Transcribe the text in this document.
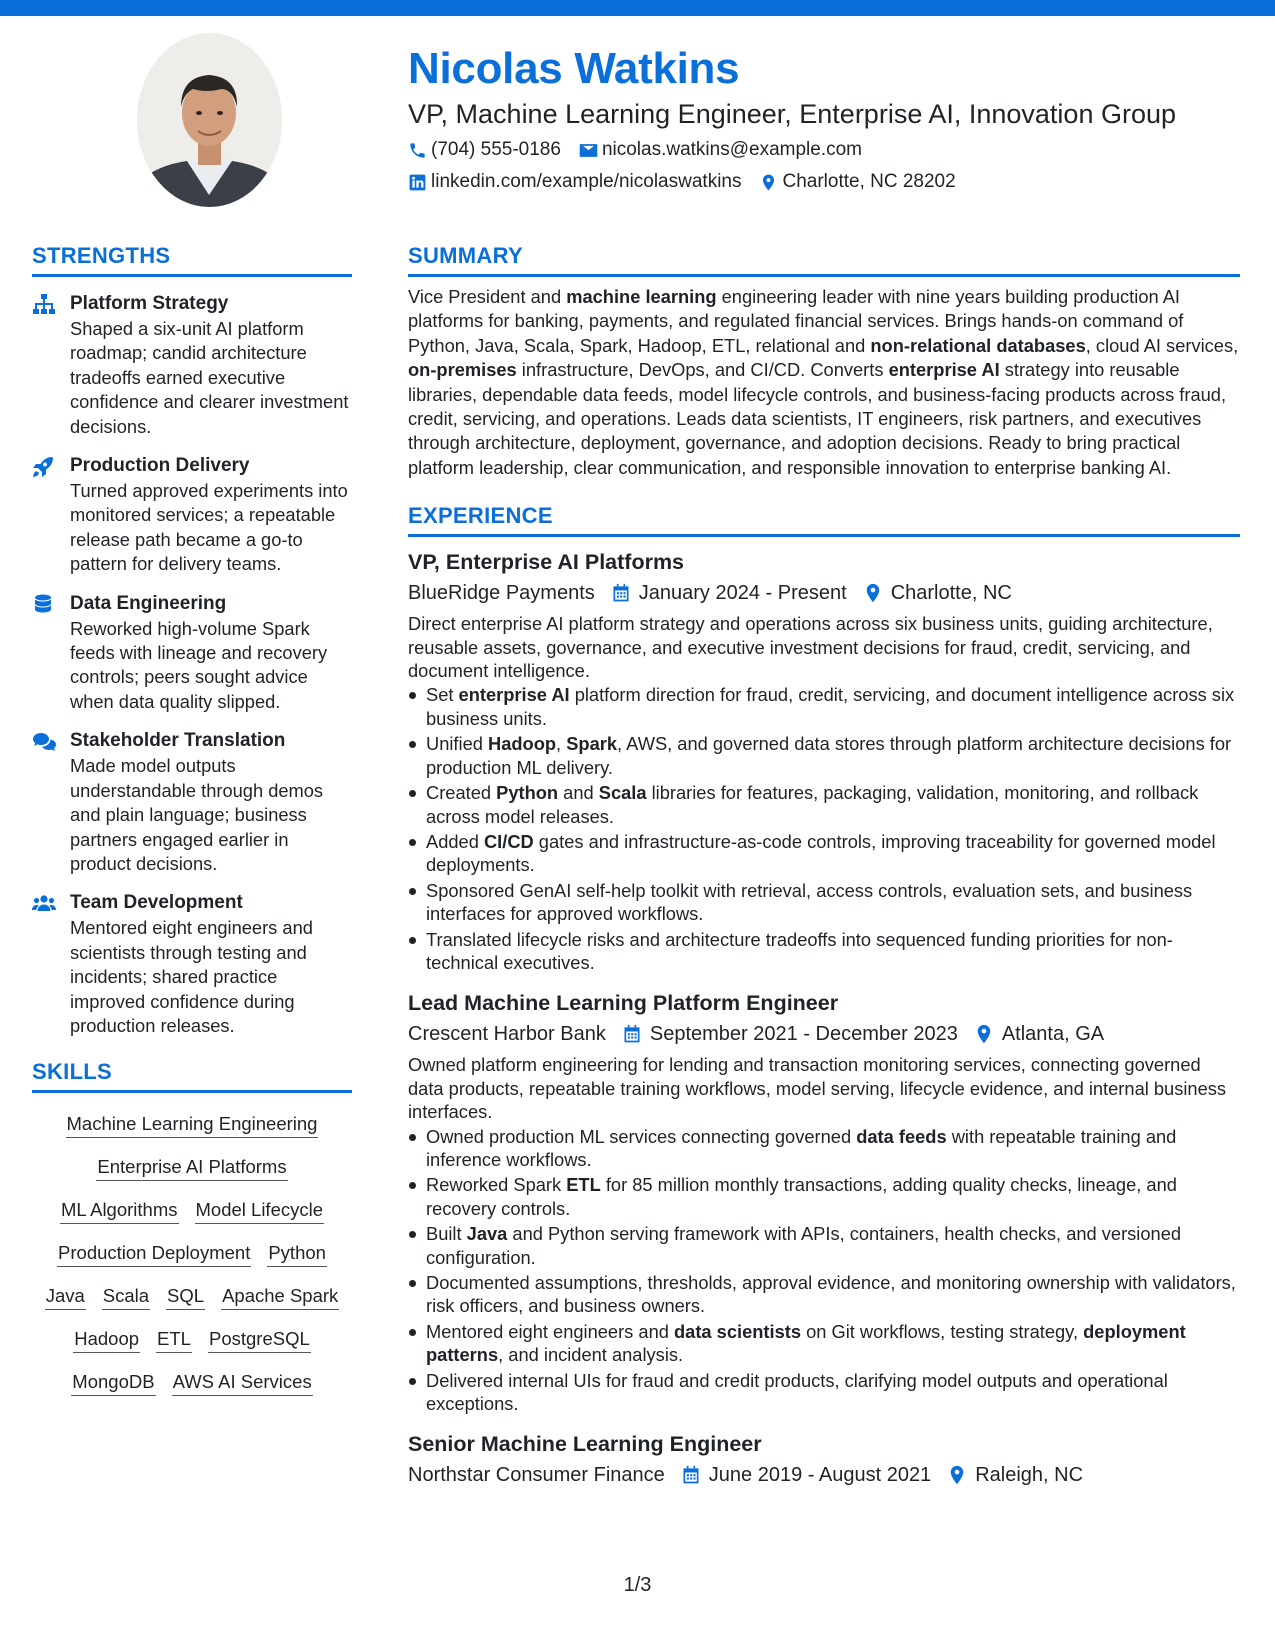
Nicolas Watkins
VP, Machine Learning Engineer, Enterprise AI, Innovation Group
(704) 555-0186 nicolas.watkins@example.com
linkedin.com/example/nicolaswatkins Charlotte, NC 28202
STRENGTHS
Platform Strategy
Shaped a six-unit AI platform roadmap; candid architecture tradeoffs earned executive confidence and clearer investment decisions.
Production Delivery
Turned approved experiments into monitored services; a repeatable release path became a go-to pattern for delivery teams.
Data Engineering
Reworked high-volume Spark feeds with lineage and recovery controls; peers sought advice when data quality slipped.
Stakeholder Translation
Made model outputs understandable through demos and plain language; business partners engaged earlier in product decisions.
Team Development
Mentored eight engineers and scientists through testing and incidents; shared practice improved confidence during production releases.
SKILLS
Machine Learning Engineering
Enterprise AI Platforms
ML Algorithms Model Lifecycle
Production Deployment Python
Java Scala SQL Apache Spark
Hadoop ETL PostgreSQL
MongoDB AWS AI Services
SUMMARY
Vice President and machine learning engineering leader with nine years building production AI platforms for banking, payments, and regulated financial services. Brings hands-on command of Python, Java, Scala, Spark, Hadoop, ETL, relational and non-relational databases, cloud AI services, on-premises infrastructure, DevOps, and CI/CD. Converts enterprise AI strategy into reusable libraries, dependable data feeds, model lifecycle controls, and business-facing products across fraud, credit, servicing, and operations. Leads data scientists, IT engineers, risk partners, and executives through architecture, deployment, governance, and adoption decisions. Ready to bring practical platform leadership, clear communication, and responsible innovation to enterprise banking AI.
EXPERIENCE
VP, Enterprise AI Platforms
BlueRidge Payments January 2024 - Present Charlotte, NC
Direct enterprise AI platform strategy and operations across six business units, guiding architecture, reusable assets, governance, and executive investment decisions for fraud, credit, servicing, and document intelligence.
Set enterprise AI platform direction for fraud, credit, servicing, and document intelligence across six business units.
Unified Hadoop, Spark, AWS, and governed data stores through platform architecture decisions for production ML delivery.
Created Python and Scala libraries for features, packaging, validation, monitoring, and rollback across model releases.
Added CI/CD gates and infrastructure-as-code controls, improving traceability for governed model deployments.
Sponsored GenAI self-help toolkit with retrieval, access controls, evaluation sets, and business interfaces for approved workflows.
Translated lifecycle risks and architecture tradeoffs into sequenced funding priorities for non-technical executives.
Lead Machine Learning Platform Engineer
Crescent Harbor Bank September 2021 - December 2023 Atlanta, GA
Owned platform engineering for lending and transaction monitoring services, connecting governed data products, repeatable training workflows, model serving, lifecycle evidence, and internal business interfaces.
Owned production ML services connecting governed data feeds with repeatable training and inference workflows.
Reworked Spark ETL for 85 million monthly transactions, adding quality checks, lineage, and recovery controls.
Built Java and Python serving framework with APIs, containers, health checks, and versioned configuration.
Documented assumptions, thresholds, approval evidence, and monitoring ownership with validators, risk officers, and business owners.
Mentored eight engineers and data scientists on Git workflows, testing strategy, deployment patterns, and incident analysis.
Delivered internal UIs for fraud and credit products, clarifying model outputs and operational exceptions.
Senior Machine Learning Engineer
Northstar Consumer Finance June 2019 - August 2021 Raleigh, NC
1/3
